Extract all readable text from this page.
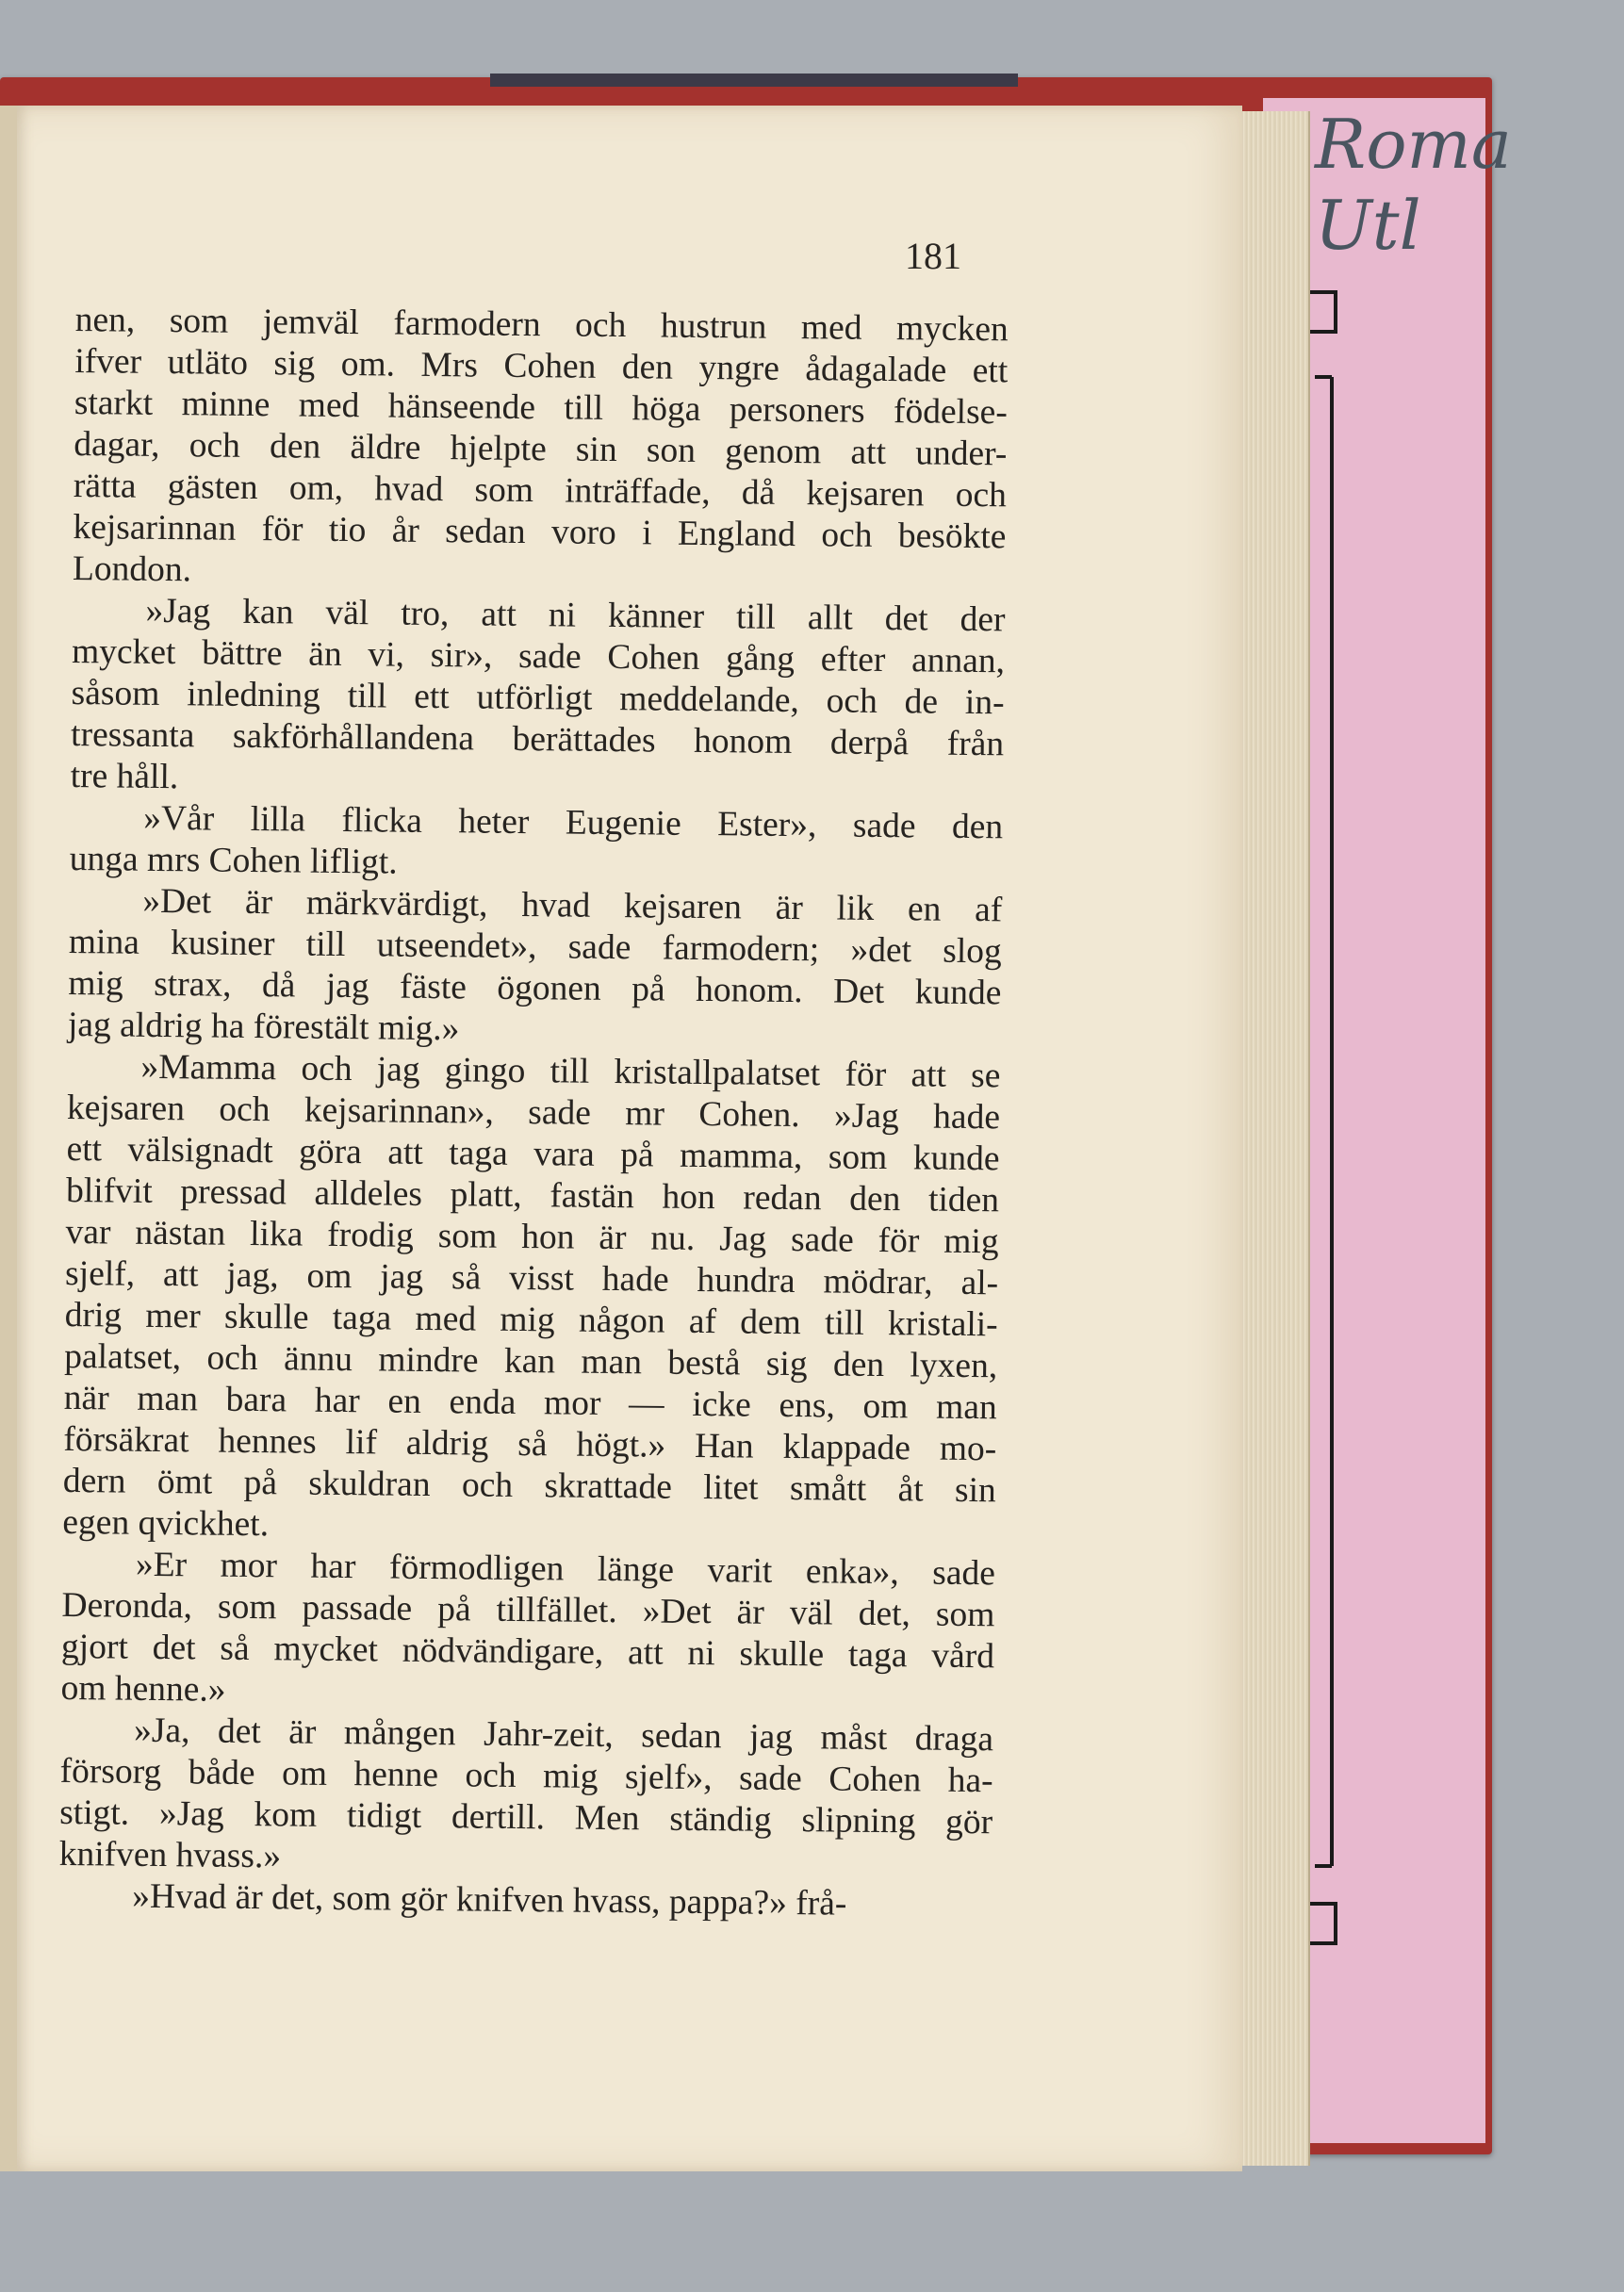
Roma
Utl
181
nen, som jemväl farmodern och hustrun med mycken
ifver utläto sig om. Mrs Cohen den yngre ådagalade ett
starkt minne med hänseende till höga personers födelse-
dagar, och den äldre hjelpte sin son genom att under-
rätta gästen om, hvad som inträffade, då kejsaren och
kejsarinnan för tio år sedan voro i England och besökte
London.
»Jag kan väl tro, att ni känner till allt det der
mycket bättre än vi, sir», sade Cohen gång efter annan,
såsom inledning till ett utförligt meddelande, och de in-
tressanta sakförhållandena berättades honom derpå från
tre håll.
»Vår lilla flicka heter Eugenie Ester», sade den
unga mrs Cohen lifligt.
»Det är märkvärdigt, hvad kejsaren är lik en af
mina kusiner till utseendet», sade farmodern; »det slog
mig strax, då jag fäste ögonen på honom. Det kunde
jag aldrig ha förestält mig.»
»Mamma och jag gingo till kristallpalatset för att se
kejsaren och kejsarinnan», sade mr Cohen. »Jag hade
ett välsignadt göra att taga vara på mamma, som kunde
blifvit pressad alldeles platt, fastän hon redan den tiden
var nästan lika frodig som hon är nu. Jag sade för mig
sjelf, att jag, om jag så visst hade hundra mödrar, al-
drig mer skulle taga med mig någon af dem till kristali-
palatset, och ännu mindre kan man bestå sig den lyxen,
när man bara har en enda mor — icke ens, om man
försäkrat hennes lif aldrig så högt.» Han klappade mo-
dern ömt på skuldran och skrattade litet smått åt sin
egen qvickhet.
»Er mor har förmodligen länge varit enka», sade
Deronda, som passade på tillfället. »Det är väl det, som
gjort det så mycket nödvändigare, att ni skulle taga vård
om henne.»
»Ja, det är mången Jahr-zeit, sedan jag måst draga
försorg både om henne och mig sjelf», sade Cohen ha-
stigt. »Jag kom tidigt dertill. Men ständig slipning gör
knifven hvass.»
»Hvad är det, som gör knifven hvass, pappa?» frå-
